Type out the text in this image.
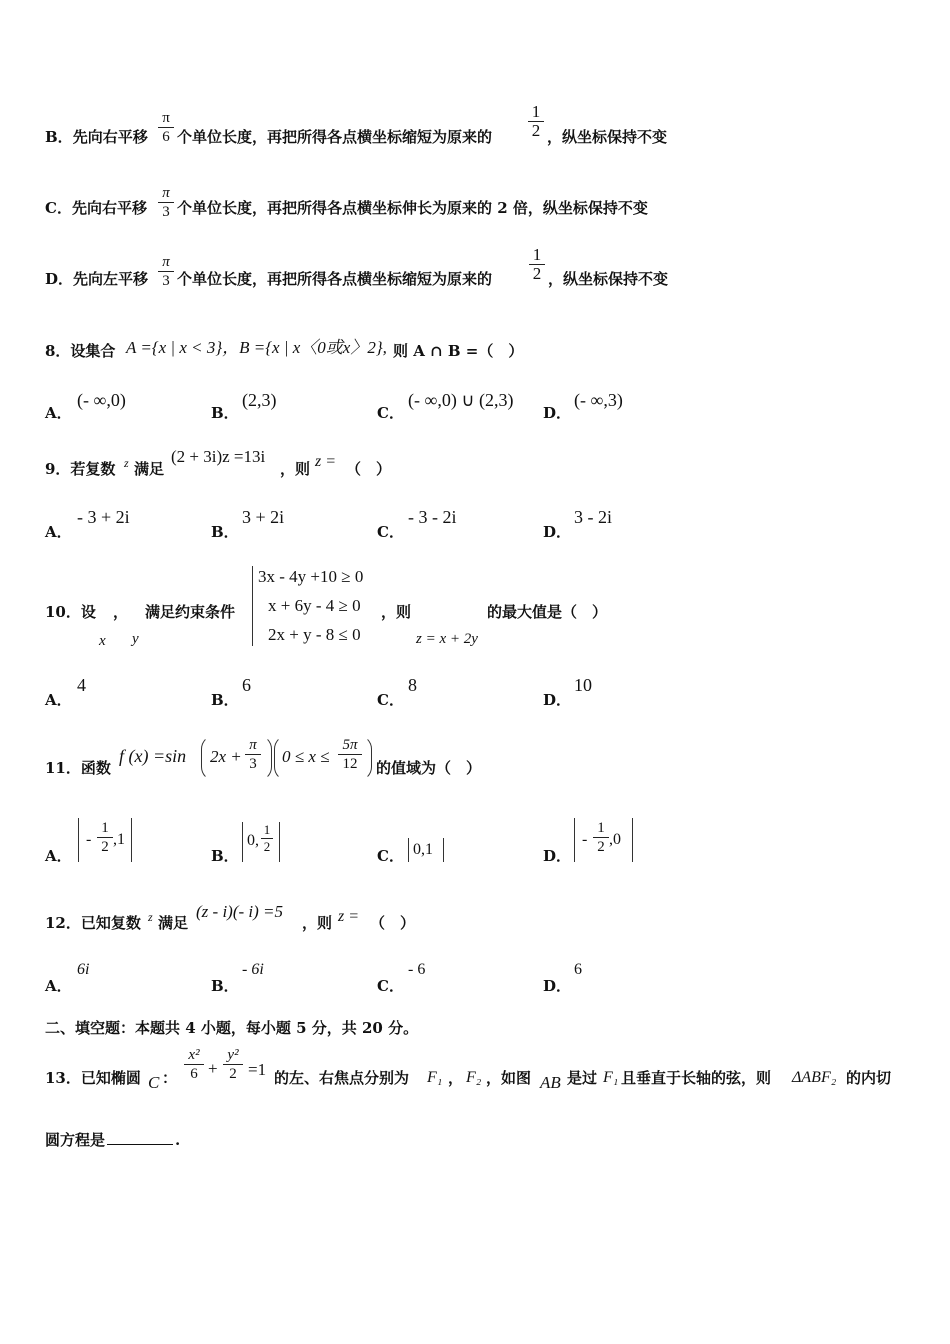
B．先向右平移
π
6 个单位长度，再把所得各点横坐标缩短为原来的
1
2 ，纵坐标保持不变
C．先向右平移
π
3 个单位长度，再把所得各点横坐标伸长为原来的 2 倍，纵坐标保持不变
D．先向左平移
π
3 个单位长度，再把所得各点横坐标缩短为原来的
1
2 ，纵坐标保持不变
8．设集合 A ={x | x < 3}，B ={x | x〈0或x〉2}, 则 A ∩ B =（　）
A．
(- ∞,0)
B．
(2,3)
C．
(- ∞,0) ∪ (2,3)
D．
(- ∞,3)
9．若复数 z 满足
(2 + 3i)z =13i
，则 z = （　）
A．
- 3 + 2i
B．
3 + 2i
C．
- 3 - 2i
D．
3 - 2i
10．设 ， 满足约束条件
x y
3x - 4y +10 ≥ 0
x + 6y - 4 ≥ 0
2x + y - 8 ≤ 0
，则
z = x + 2y
的最大值是（　）
A．
4
B．
6
C．
8
D．
10
11．函数
f (x) =sin 2x +
π
3 0 ≤ x ≤
5π
12	的值域为（　）
A．
-
1
2 ,1
B．
0,
1
2
C． 0,1	D．
-
1
2 ,0
12．已知复数 z 满足
(z - i)(- i) =5
，则 z = （　）
A．
6i
B．
- 6i
C．
- 6
D．
6
二、填空题：本题共 4 小题，每小题 5 分，共 20 分。
13．已知椭圆 C ：
x²
6 +
y²
2 =1 的左、右焦点分别为 F₁ ， F₂ ，如图 AB 是过 F₁ 且垂直于长轴的弦，则 ΔABF₂ 的内切
圆方程是	.
